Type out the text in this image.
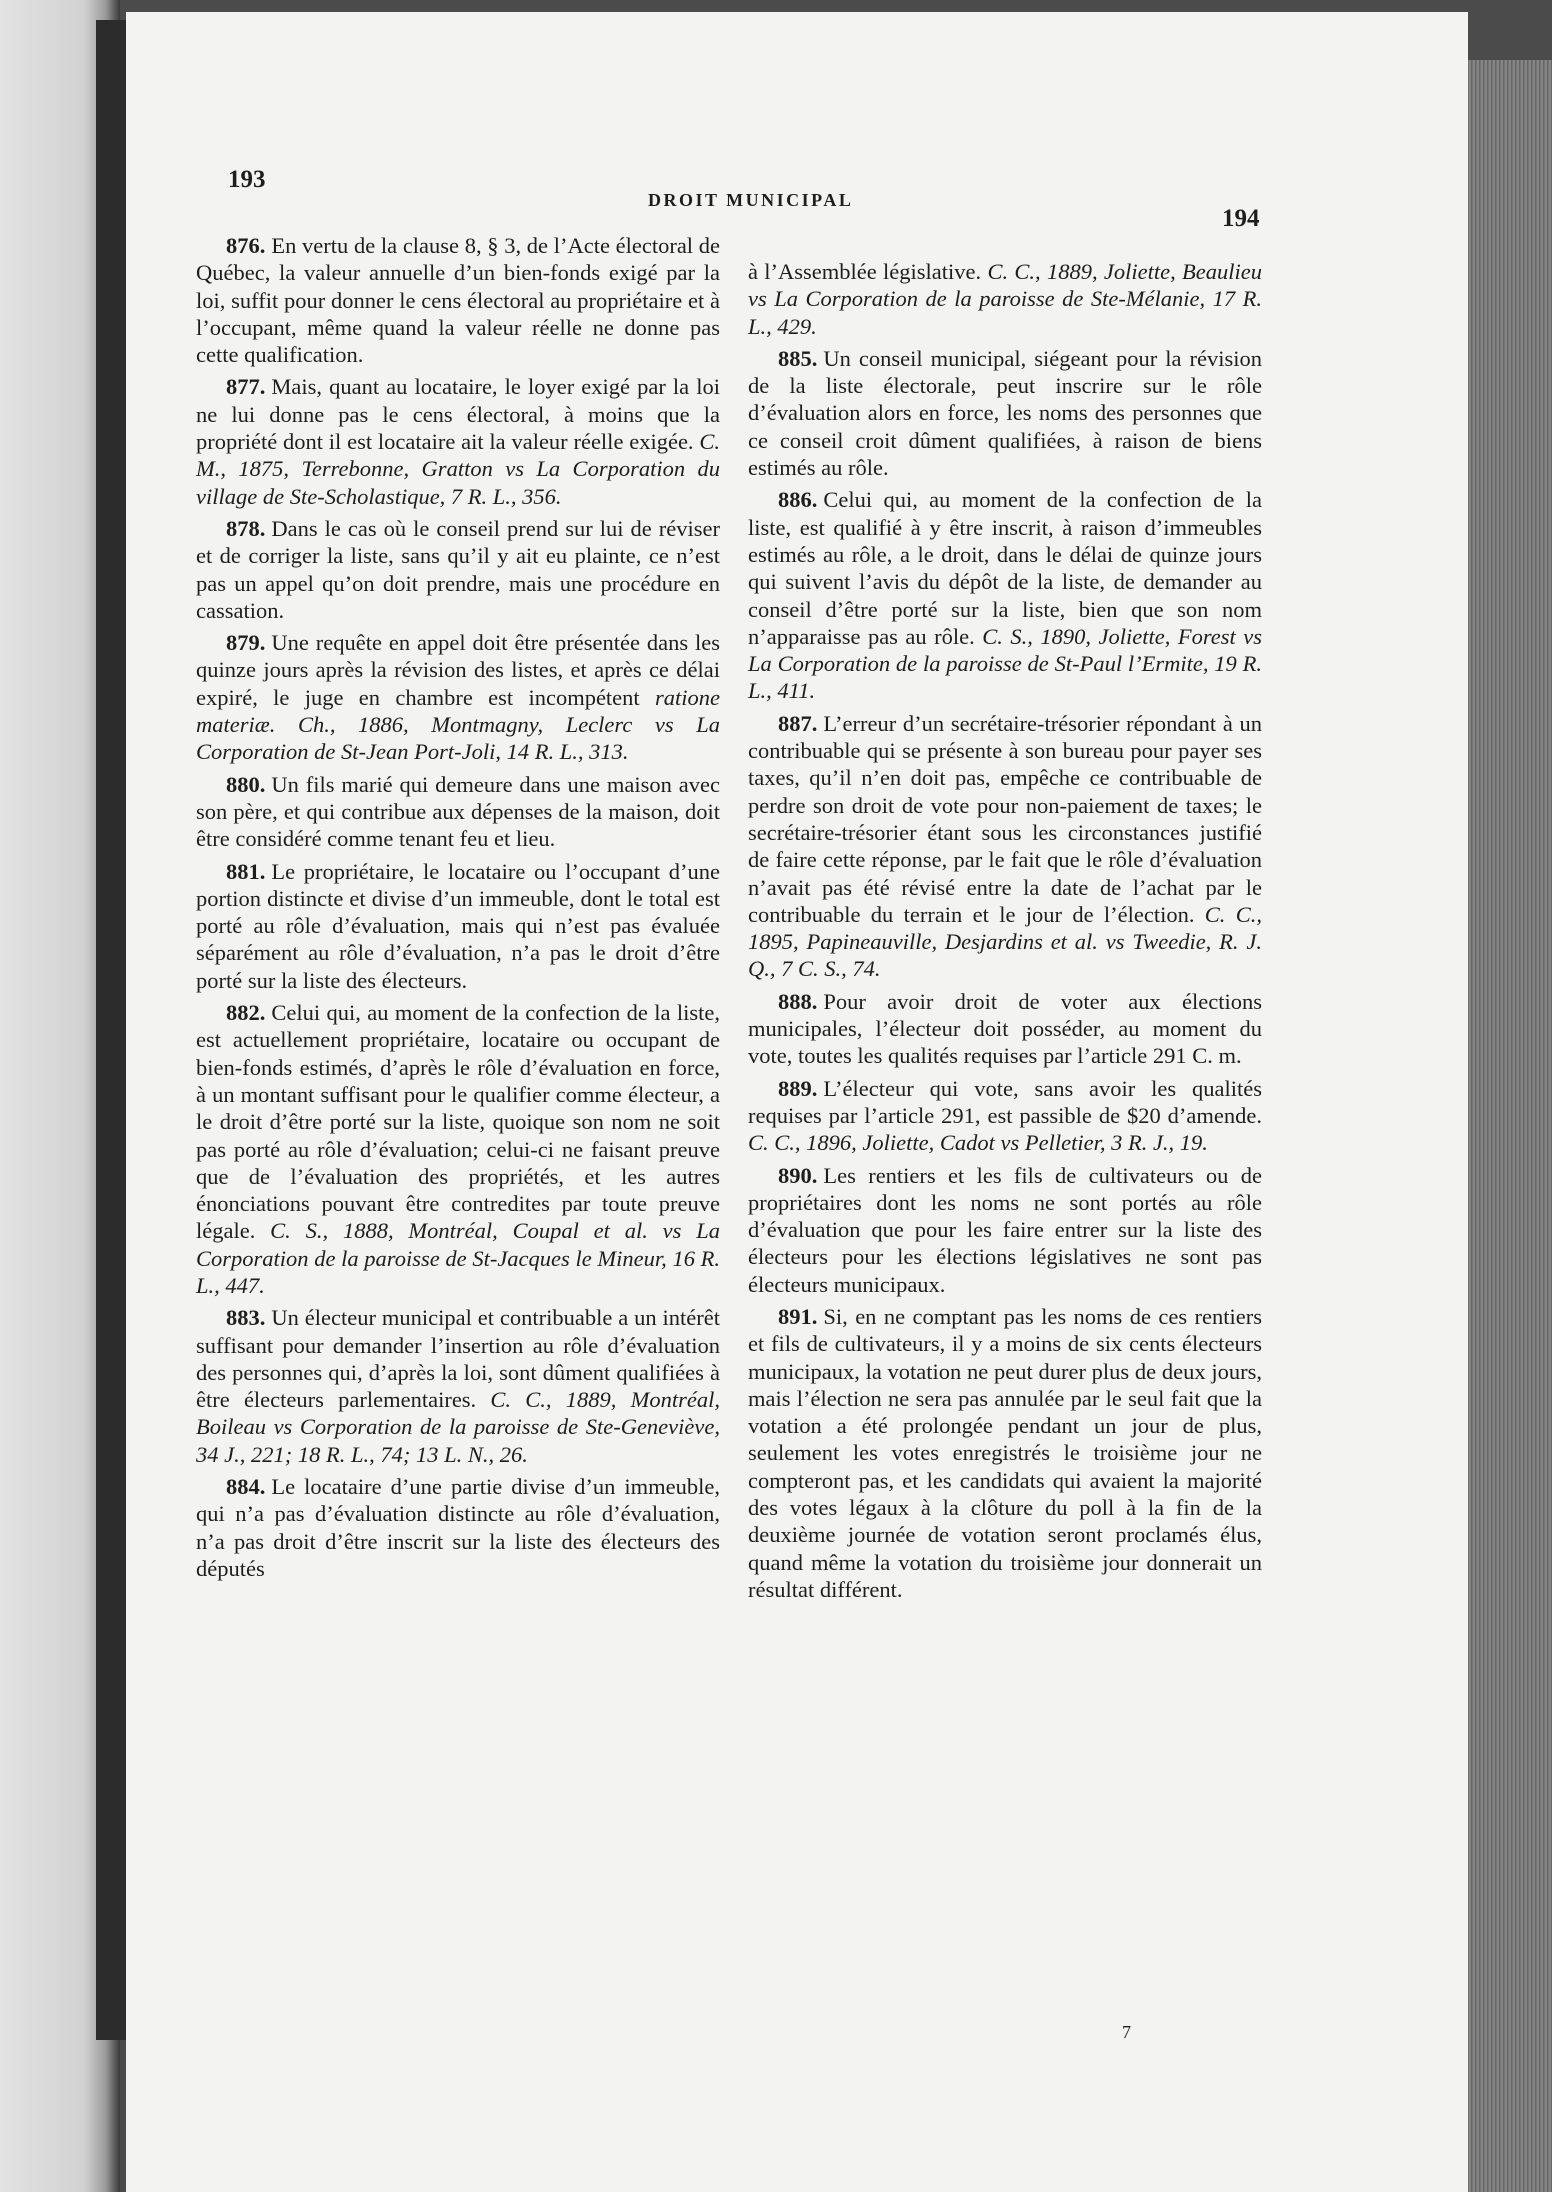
193
DROIT MUNICIPAL
194

876. En vertu de la clause 8, § 3, de l’Acte électoral de Québec, la valeur annuelle d’un bien-fonds exigé par la loi, suffit pour donner le cens électoral au propriétaire et à l’occupant, même quand la valeur réelle ne donne pas cette qualification.

877. Mais, quant au locataire, le loyer exigé par la loi ne lui donne pas le cens électoral, à moins que la propriété dont il est locataire ait la valeur réelle exigée. C. M., 1875, Terrebonne, Gratton vs La Corporation du village de Ste-Scholastique, 7 R. L., 356.

878. Dans le cas où le conseil prend sur lui de réviser et de corriger la liste, sans qu’il y ait eu plainte, ce n’est pas un appel qu’on doit prendre, mais une procédure en cassation.

879. Une requête en appel doit être présentée dans les quinze jours après la révision des listes, et après ce délai expiré, le juge en chambre est incompétent ratione materiæ. Ch., 1886, Montmagny, Leclerc vs La Corporation de St-Jean Port-Joli, 14 R. L., 313.

880. Un fils marié qui demeure dans une maison avec son père, et qui contribue aux dépenses de la maison, doit être considéré comme tenant feu et lieu.

881. Le propriétaire, le locataire ou l’occupant d’une portion distincte et divise d’un immeuble, dont le total est porté au rôle d’évaluation, mais qui n’est pas évaluée séparément au rôle d’évaluation, n’a pas le droit d’être porté sur la liste des électeurs.

882. Celui qui, au moment de la confection de la liste, est actuellement propriétaire, locataire ou occupant de bien-fonds estimés, d’après le rôle d’évaluation en force, à un montant suffisant pour le qualifier comme électeur, a le droit d’être porté sur la liste, quoique son nom ne soit pas porté au rôle d’évaluation; celui-ci ne faisant preuve que de l’évaluation des propriétés, et les autres énonciations pouvant être contredites par toute preuve légale. C. S., 1888, Montréal, Coupal et al. vs La Corporation de la paroisse de St-Jacques le Mineur, 16 R. L., 447.

883. Un électeur municipal et contribuable a un intérêt suffisant pour demander l’insertion au rôle d’évaluation des personnes qui, d’après la loi, sont dûment qualifiées à être électeurs parlementaires. C. C., 1889, Montréal, Boileau vs Corporation de la paroisse de Ste-Geneviève, 34 J., 221; 18 R. L., 74; 13 L. N., 26.

884. Le locataire d’une partie divise d’un immeuble, qui n’a pas d’évaluation distincte au rôle d’évaluation, n’a pas droit d’être inscrit sur la liste des électeurs des députés

à l’Assemblée législative. C. C., 1889, Joliette, Beaulieu vs La Corporation de la paroisse de Ste-Mélanie, 17 R. L., 429.

885. Un conseil municipal, siégeant pour la révision de la liste électorale, peut inscrire sur le rôle d’évaluation alors en force, les noms des personnes que ce conseil croit dûment qualifiées, à raison de biens estimés au rôle.

886. Celui qui, au moment de la confection de la liste, est qualifié à y être inscrit, à raison d’immeubles estimés au rôle, a le droit, dans le délai de quinze jours qui suivent l’avis du dépôt de la liste, de demander au conseil d’être porté sur la liste, bien que son nom n’apparaisse pas au rôle. C. S., 1890, Joliette, Forest vs La Corporation de la paroisse de St-Paul l’Ermite, 19 R. L., 411.

887. L’erreur d’un secrétaire-trésorier répondant à un contribuable qui se présente à son bureau pour payer ses taxes, qu’il n’en doit pas, empêche ce contribuable de perdre son droit de vote pour non-paiement de taxes; le secrétaire-trésorier étant sous les circonstances justifié de faire cette réponse, par le fait que le rôle d’évaluation n’avait pas été révisé entre la date de l’achat par le contribuable du terrain et le jour de l’élection. C. C., 1895, Papineauville, Desjardins et al. vs Tweedie, R. J. Q., 7 C. S., 74.

888. Pour avoir droit de voter aux élections municipales, l’électeur doit posséder, au moment du vote, toutes les qualités requises par l’article 291 C. m.

889. L’électeur qui vote, sans avoir les qualités requises par l’article 291, est passible de $20 d’amende. C. C., 1896, Joliette, Cadot vs Pelletier, 3 R. J., 19.

890. Les rentiers et les fils de cultivateurs ou de propriétaires dont les noms ne sont portés au rôle d’évaluation que pour les faire entrer sur la liste des électeurs pour les élections législatives ne sont pas électeurs municipaux.

891. Si, en ne comptant pas les noms de ces rentiers et fils de cultivateurs, il y a moins de six cents électeurs municipaux, la votation ne peut durer plus de deux jours, mais l’élection ne sera pas annulée par le seul fait que la votation a été prolongée pendant un jour de plus, seulement les votes enregistrés le troisième jour ne compteront pas, et les candidats qui avaient la majorité des votes légaux à la clôture du poll à la fin de la deuxième journée de votation seront proclamés élus, quand même la votation du troisième jour donnerait un résultat différent.

7
